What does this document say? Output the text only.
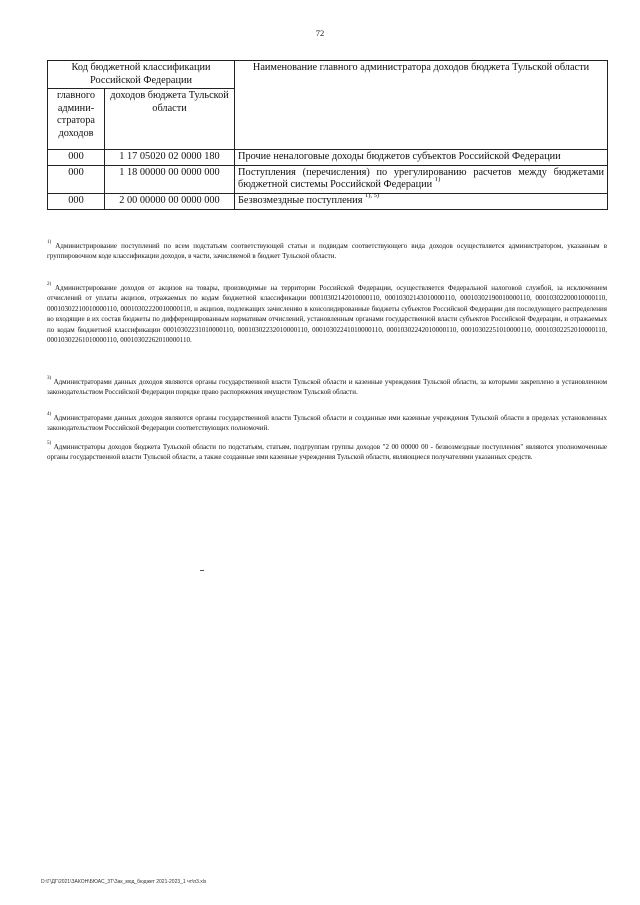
72
Код бюджетной классификации Российской Федерации		Наименование главного администратора доходов бюджета Тульской области
главного админи-стратора доходов	доходов бюджета Тульской области	
000	1 17 05020 02 0000 180	Прочие неналоговые доходы бюджетов субъектов Российской Федерации
000	1 18 00000 00 0000 000	Поступления (перечисления) по урегулированию расчетов между бюджетами бюджетной системы Российской Федерации $^{1)}$
000	2 00 00000 00 0000 000	Безвозмездные поступления $^{1), 5)}$

$^{1)}$ Администрирование поступлений по всем подстатьям соответствующей статьи и подвидам соответствующего вида доходов осуществляется администратором, указанным в группировочном коде классификации доходов, в части, зачисляемой в бюджет Тульской области.

$^{2)}$ Администрирование доходов от акцизов на товары, производимые на территории Российской Федерации, осуществляется Федеральной налоговой службой, за исключением отчислений от уплаты акцизов, отражаемых по кодам бюджетной классификации 00010302142010000110, 00010302143010000110, 00010302190010000110, 00010302200010000110, 00010302210010000110, 00010302220010000110, и акцизов, подлежащих зачислению в консолидированные бюджеты субъектов Российской Федерации для последующего распределения во входящие в их состав бюджеты по дифференцированным нормативам отчислений, установленным органами государственной власти субъектов Российской Федерации, и отражаемых по кодам бюджетной классификации 00010302231010000110, 00010302232010000110, 00010302241010000110, 00010302242010000110, 00010302251010000110, 00010302252010000110, 00010302261010000110, 00010302262010000110.

$^{3)}$ Администраторами данных доходов являются органы государственной власти Тульской области и казенные учреждения Тульской области, за которыми закреплено в установленном законодательством Российской Федерации порядке право распоряжения имуществом Тульской области.

$^{4)}$ Администраторами данных доходов являются органы государственной власти Тульской области и созданные ими казенные учреждения Тульской области в пределах установленных законодательством Российской Федерации соответствующих полномочий.

$^{5)}$ Администраторы доходов бюджета Тульской области по подстатьям, статьям, подгруппам группы доходов "2 00 00000 00 - безвозмездные поступления" являются уполномоченные органы государственной власти Тульской области, а также созданные ими казенные учреждения Тульской области, являющиеся получателями указанных средств.

D:\Г\ДГ\2021\ЗАКОН\БЮАС_3Т\Зак_мод_бюджет 2021-2023_1 чт\п3.xls
